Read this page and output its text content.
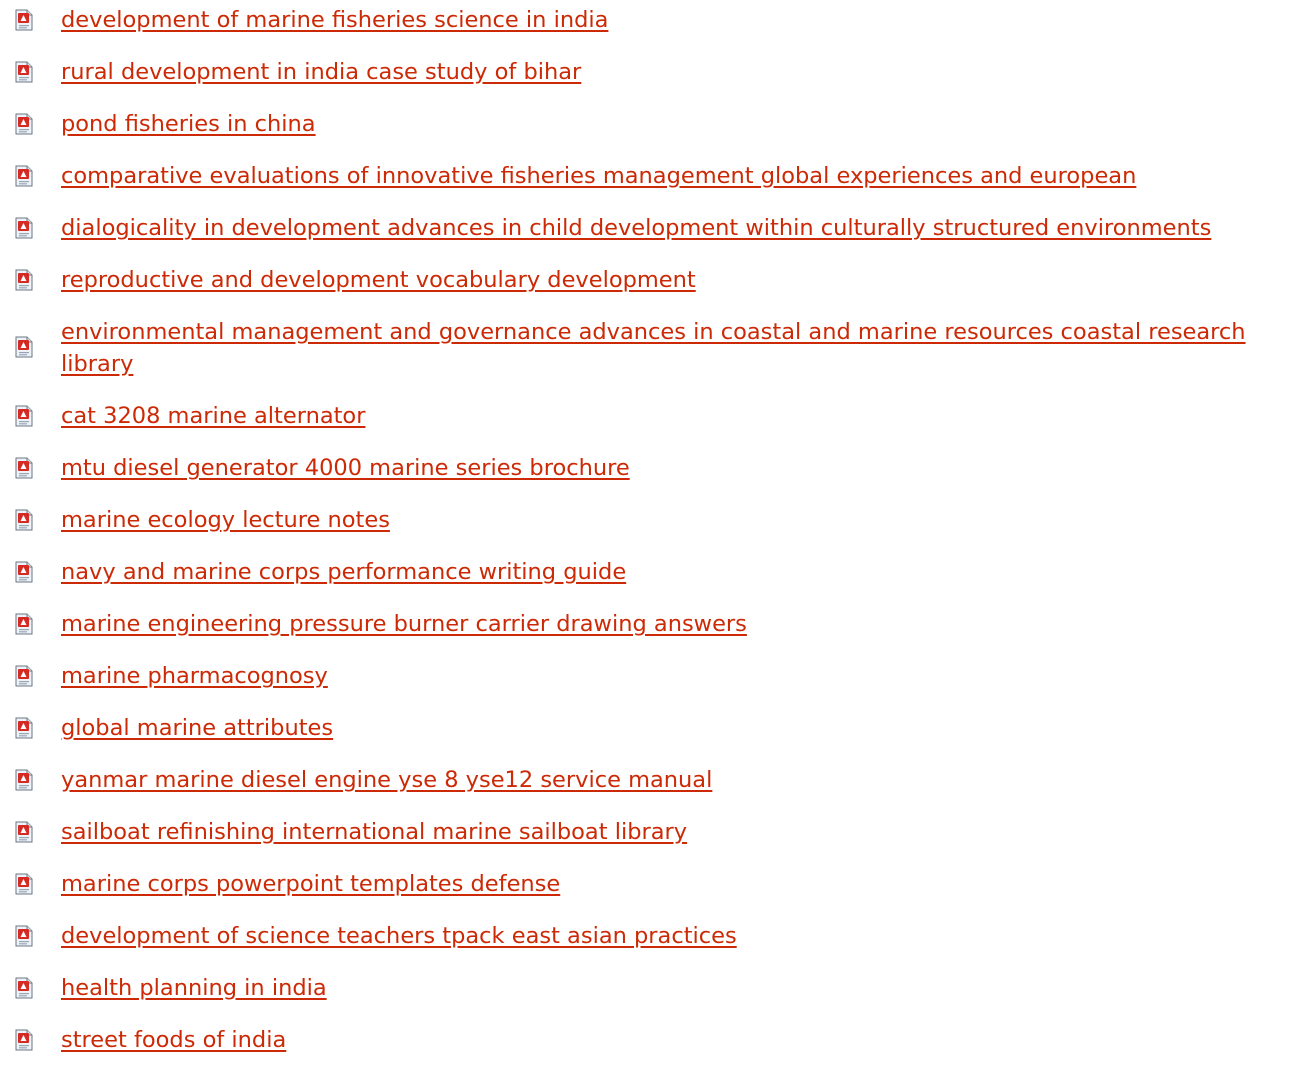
development of marine fisheries science in india
rural development in india case study of bihar
pond fisheries in china
comparative evaluations of innovative fisheries management global experiences and european
dialogicality in development advances in child development within culturally structured environments
reproductive and development vocabulary development
environmental management and governance advances in coastal and marine resources coastal research library
cat 3208 marine alternator
mtu diesel generator 4000 marine series brochure
marine ecology lecture notes
navy and marine corps performance writing guide
marine engineering pressure burner carrier drawing answers
marine pharmacognosy
global marine attributes
yanmar marine diesel engine yse 8 yse12 service manual
sailboat refinishing international marine sailboat library
marine corps powerpoint templates defense
development of science teachers tpack east asian practices
health planning in india
street foods of india
